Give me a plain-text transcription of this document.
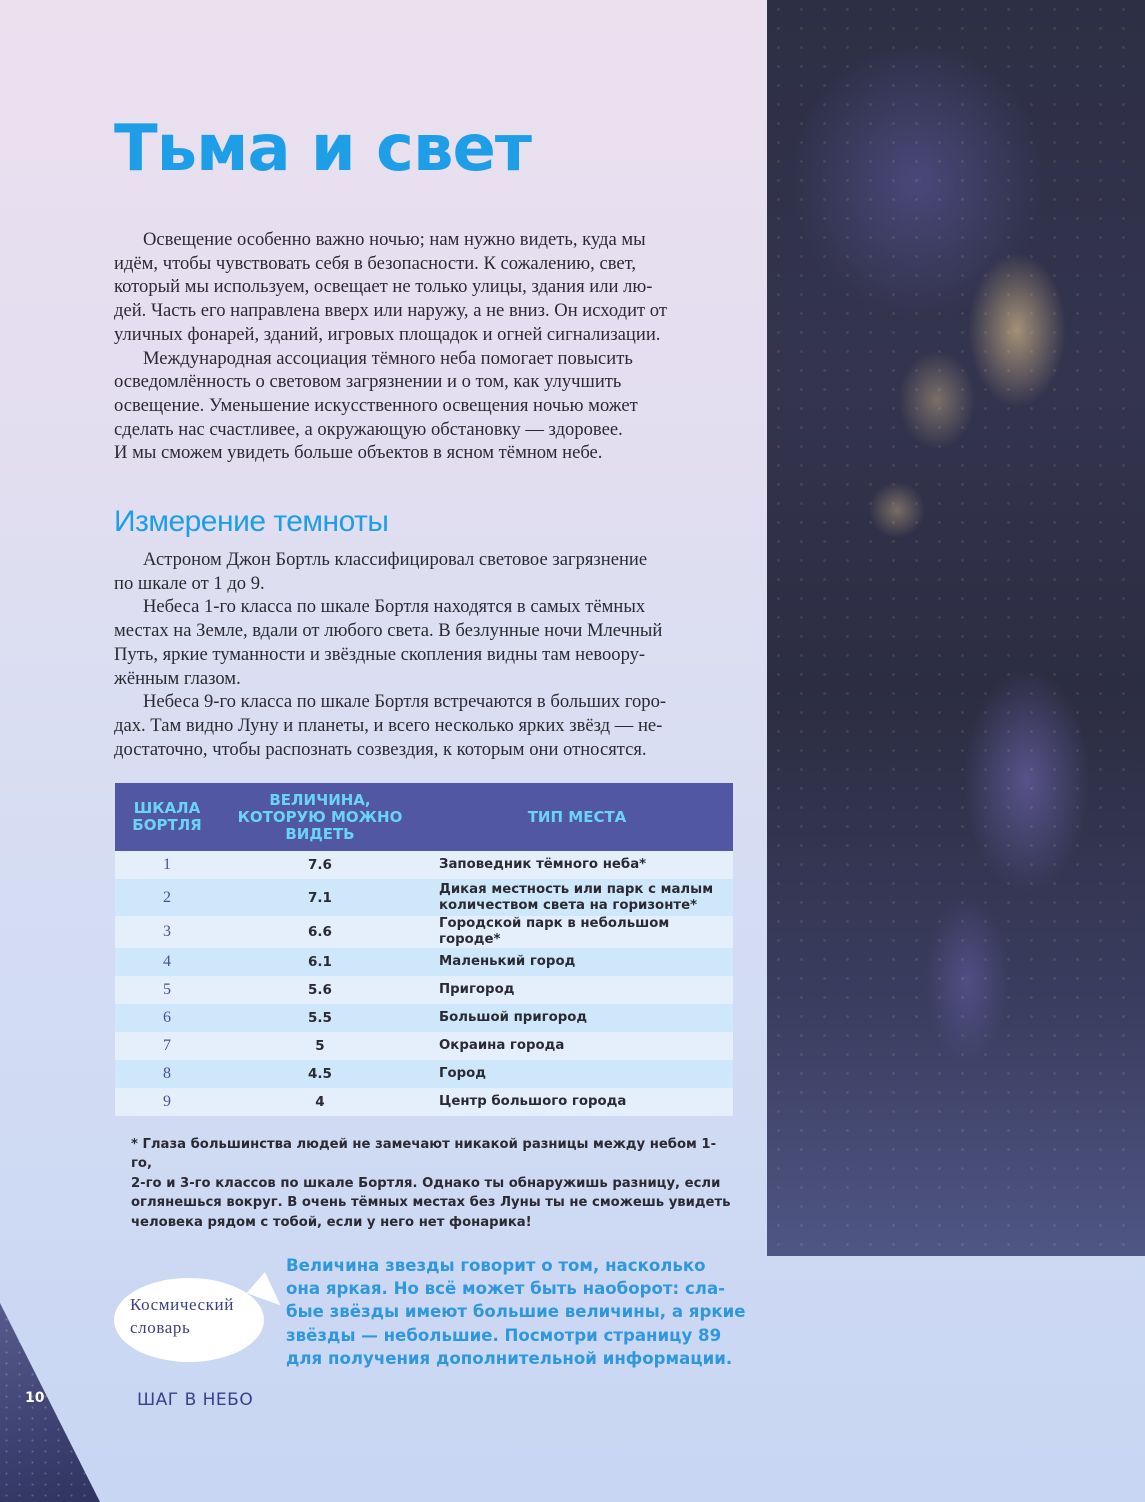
Тьма и свет
Освещение особенно важно ночью; нам нужно видеть, куда мы
идём, чтобы чувствовать себя в безопасности. К сожалению, свет,
который мы используем, освещает не только улицы, здания или лю-
дей. Часть его направлена вверх или наружу, а не вниз. Он исходит от
уличных фонарей, зданий, игровых площадок и огней сигнализации.
Международная ассоциация тёмного неба помогает повысить
осведомлённость о световом загрязнении и о том, как улучшить
освещение. Уменьшение искусственного освещения ночью может
сделать нас счастливее, а окружающую обстановку — здоровее.
И мы сможем увидеть больше объектов в ясном тёмном небе.
Измерение темноты
Астроном Джон Бортль классифицировал световое загрязнение
по шкале от 1 до 9.
Небеса 1-го класса по шкале Бортля находятся в самых тёмных
местах на Земле, вдали от любого света. В безлунные ночи Млечный
Путь, яркие туманности и звёздные скопления видны там невоору-
жённым глазом.
Небеса 9-го класса по шкале Бортля встречаются в больших горо-
дах. Там видно Луну и планеты, и всего несколько ярких звёзд — не-
достаточно, чтобы распознать созвездия, к которым они относятся.
ШКАЛА БОРТЛЯ	ВЕЛИЧИНА, КОТОРУЮ МОЖНО ВИДЕТЬ	ТИП МЕСТА
1	7.6	Заповедник тёмного неба*
2	7.1	Дикая местность или парк с малым количеством света на горизонте*
3	6.6	Городской парк в небольшом городе*
4	6.1	Маленький город
5	5.6	Пригород
6	5.5	Большой пригород
7	5	Окраина города
8	4.5	Город
9	4	Центр большого города
* Глаза большинства людей не замечают никакой разницы между небом 1-го,
2-го и 3-го классов по шкале Бортля. Однако ты обнаружишь разницу, если
оглянешься вокруг. В очень тёмных местах без Луны ты не сможешь увидеть
человека рядом с тобой, если у него нет фонарика!
Космический
словарь
Величина звезды говорит о том, насколько
она яркая. Но всё может быть наоборот: сла-
бые звёзды имеют большие величины, а яркие
звёзды — небольшие. Посмотри страницу 89
для получения дополнительной информации.
10	ШАГ В НЕБО
